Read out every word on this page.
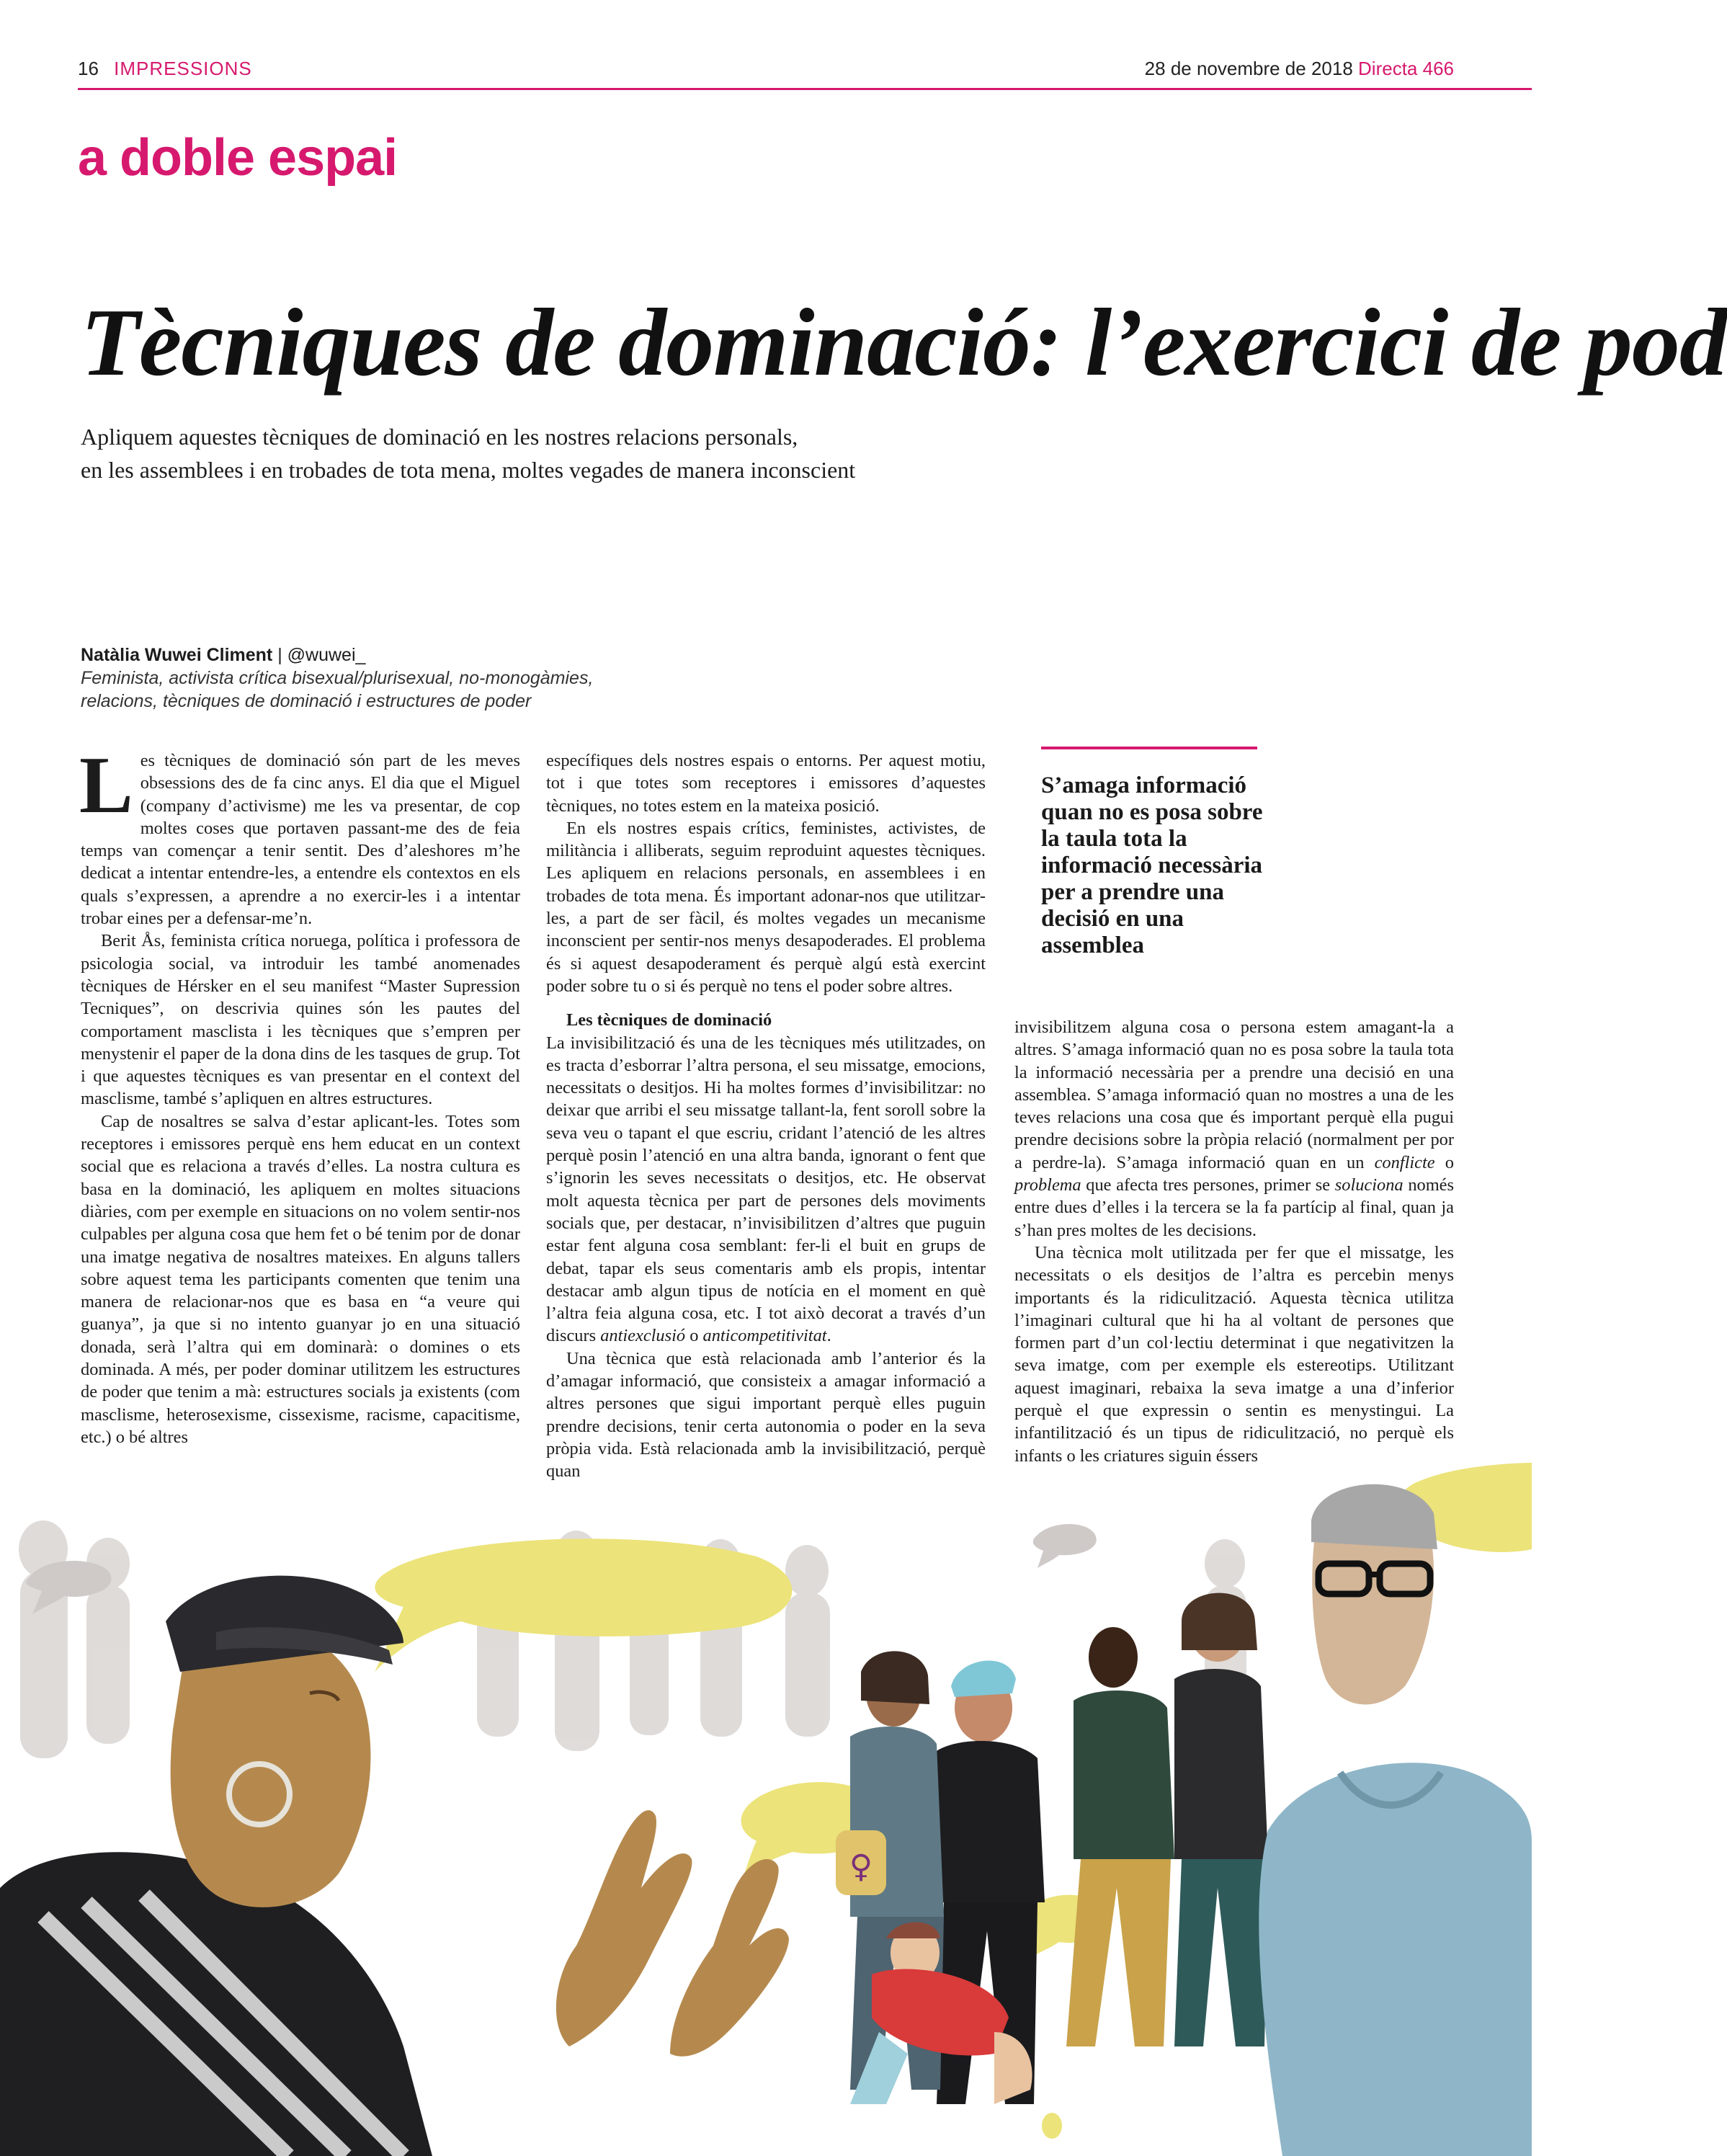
16 IMPRESSIONS	28 de novembre de 2018 Directa 466
a doble espai
Tècniques de dominació: l’exercici de pod
Apliquem aquestes tècniques de dominació en les nostres relacions personals,
en les assemblees i en trobades de tota mena, moltes vegades de manera inconscient
Natàlia Wuwei Climent | @wuwei_
Feminista, activista crítica bisexual/plurisexual, no-monogàmies,
relacions, tècniques de dominació i estructures de poder

Les tècniques de dominació són part de les meves obsessions des de fa cinc anys. El dia que el Miguel (company d’activisme) me les va presentar, de cop moltes coses que portaven passant-me des de feia temps van començar a tenir sentit. Des d’aleshores m’he dedicat a intentar entendre-les, a entendre els contextos en els quals s’expressen, a aprendre a no exercir-les i a intentar trobar eines per a defensar-me’n.

Berit Ås, feminista crítica noruega, política i professora de psicologia social, va introduir les també anomenades tècniques de Hérsker en el seu manifest “Master Supression Tecniques”, on descrivia quines són les pautes del comportament masclista i les tècniques que s’empren per menystenir el paper de la dona dins de les tasques de grup. Tot i que aquestes tècniques es van presentar en el context del masclisme, també s’apliquen en altres estructures.

Cap de nosaltres se salva d’estar aplicant-les. Totes som receptores i emissores perquè ens hem educat en un context social que es relaciona a través d’elles. La nostra cultura es basa en la dominació, les apliquem en moltes situacions diàries, com per exemple en situacions on no volem sentir-nos culpables per alguna cosa que hem fet o bé tenim por de donar una imatge negativa de nosaltres mateixes. En alguns tallers sobre aquest tema les participants comenten que tenim una manera de relacionar-nos que es basa en “a veure qui guanya”, ja que si no intento guanyar jo en una situació donada, serà l’altra qui em dominarà: o domines o ets dominada. A més, per poder dominar utilitzem les estructures de poder que tenim a mà: estructures socials ja existents (com masclisme, heterosexisme, cissexisme, racisme, capacitisme, etc.) o bé altres

específiques dels nostres espais o entorns. Per aquest motiu, tot i que totes som receptores i emissores d’aquestes tècniques, no totes estem en la mateixa posició.

En els nostres espais crítics, feministes, activistes, de militància i alliberats, seguim reproduint aquestes tècniques. Les apliquem en relacions personals, en assemblees i en trobades de tota mena. És important adonar-nos que utilitzar-les, a part de ser fàcil, és moltes vegades un mecanisme inconscient per sentir-nos menys desapoderades. El problema és si aquest desapoderament és perquè algú està exercint poder sobre tu o si és perquè no tens el poder sobre altres.

Les tècniques de dominació

La invisibilització és una de les tècniques més utilitzades, on es tracta d’esborrar l’altra persona, el seu missatge, emocions, necessitats o desitjos. Hi ha moltes formes d’invisibilitzar: no deixar que arribi el seu missatge tallant-la, fent soroll sobre la seva veu o tapant el que escriu, cridant l’atenció de les altres perquè posin l’atenció en una altra banda, ignorant o fent que s’ignorin les seves necessitats o desitjos, etc. He observat molt aquesta tècnica per part de persones dels moviments socials que, per destacar, n’invisibilitzen d’altres que puguin estar fent alguna cosa semblant: fer-li el buit en grups de debat, tapar els seus comentaris amb els propis, intentar destacar amb algun tipus de notícia en el moment en què l’altra feia alguna cosa, etc. I tot això decorat a través d’un discurs antiexclusió o anticompetitivitat.

Una tècnica que està relacionada amb l’anterior és la d’amagar informació, que consisteix a amagar informació a altres persones que sigui important perquè elles puguin prendre decisions, tenir certa autonomia o poder en la seva pròpia vida. Està relacionada amb la invisibilització, perquè quan

S’amaga informació quan no es posa sobre la taula tota la informació necessària per a prendre una decisió en una assemblea

invisibilitzem alguna cosa o persona estem amagant-la a altres. S’amaga informació quan no es posa sobre la taula tota la informació necessària per a prendre una decisió en una assemblea. S’amaga informació quan no mostres a una de les teves relacions una cosa que és important perquè ella pugui prendre decisions sobre la pròpia relació (normalment per por a perdre-la). S’amaga informació quan en un conflicte o problema que afecta tres persones, primer se soluciona només entre dues d’elles i la tercera se la fa partícip al final, quan ja s’han pres moltes de les decisions.

Una tècnica molt utilitzada per fer que el missatge, les necessitats o els desitjos de l’altra es percebin menys importants és la ridiculització. Aquesta tècnica utilitza l’imaginari cultural que hi ha al voltant de persones que formen part d’un col·lectiu determinat i que negativitzen la seva imatge, com per exemple els estereotips. Utilitzant aquest imaginari, rebaixa la seva imatge a una d’inferior perquè el que expressin o sentin es menystingui. La infantilització és un tipus de ridiculització, no perquè els infants o les criatures siguin éssers

♀
